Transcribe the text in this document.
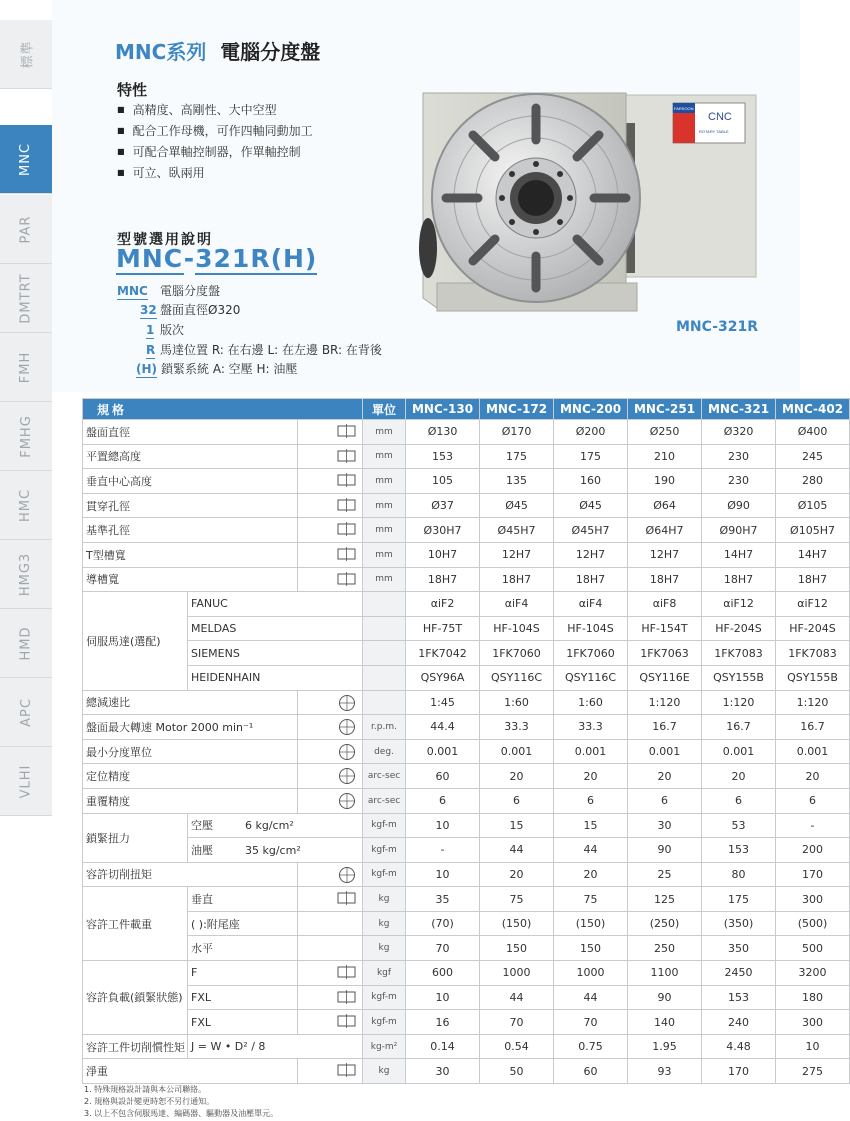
標準
MNC
PAR
DMTRT
FMH
FMHG
HMC
HMG3
HMD
APC
VLHI
MNC系列 電腦分度盤
特性
■ 高精度、高剛性、大中空型
■ 配合工作母機，可作四軸同動加工
■ 可配合單軸控制器，作單軸控制
■ 可立、臥兩用
型號選用說明
MNC-321R(H)
MNC 電腦分度盤
32 盤面直徑Ø320
1 版次
R 馬達位置 R: 在右邊 L: 在左邊 BR: 在背後
(H) 鎖緊系統 A: 空壓 H: 油壓
CNC
ROTARY TABLE
FARSOON
MNC-321R
規格			單位	MNC-130	MNC-172	MNC-200	MNC-251	MNC-321	MNC-402
盤面直徑			mm	Ø130	Ø170	Ø200	Ø250	Ø320	Ø400
平置總高度			mm	153	175	175	210	230	245
垂直中心高度			mm	105	135	160	190	230	280
貫穿孔徑			mm	Ø37	Ø45	Ø45	Ø64	Ø90	Ø105
基準孔徑			mm	Ø30H7	Ø45H7	Ø45H7	Ø64H7	Ø90H7	Ø105H7
T型槽寬			mm	10H7	12H7	12H7	12H7	14H7	14H7
導槽寬			mm	18H7	18H7	18H7	18H7	18H7	18H7
伺服馬達(選配)	FANUC			αiF2	αiF4	αiF4	αiF8	αiF12	αiF12
	MELDAS			HF-75T	HF-104S	HF-104S	HF-154T	HF-204S	HF-204S
	SIEMENS			1FK7042	1FK7060	1FK7060	1FK7063	1FK7083	1FK7083
	HEIDENHAIN			QSY96A	QSY116C	QSY116C	QSY116E	QSY155B	QSY155B
總減速比				1:45	1:60	1:60	1:120	1:120	1:120
盤面最大轉速 Motor 2000 min⁻¹			r.p.m.	44.4	33.3	33.3	16.7	16.7	16.7
最小分度單位			deg.	0.001	0.001	0.001	0.001	0.001	0.001
定位精度			arc-sec	60	20	20	20	20	20
重覆精度			arc-sec	6	6	6	6	6	6
鎖緊扭力	空壓 6 kg/cm²		kgf-m	10	15	15	30	53	-
	油壓 35 kg/cm²		kgf-m	-	44	44	90	153	200
容許切削扭矩			kgf-m	10	20	20	25	80	170
容許工件載重	垂直		kg	35	75	75	125	175	300
	( ):附尾座		kg	(70)	(150)	(150)	(250)	(350)	(500)
	水平		kg	70	150	150	250	350	500
容許負載(鎖緊狀態)	F		kgf	600	1000	1000	1100	2450	3200
	FXL		kgf-m	10	44	44	90	153	180
	FXL		kgf-m	16	70	70	140	240	300
容許工件切削慣性矩	J = W • D² / 8		kg-m²	0.14	0.54	0.75	1.95	4.48	10
淨重			kg	30	50	60	93	170	275
1. 特殊規格設計請與本公司聯絡。
2. 規格與設計變更時恕不另行通知。
3. 以上不包含伺服馬達、編碼器、驅動器及油壓單元。
